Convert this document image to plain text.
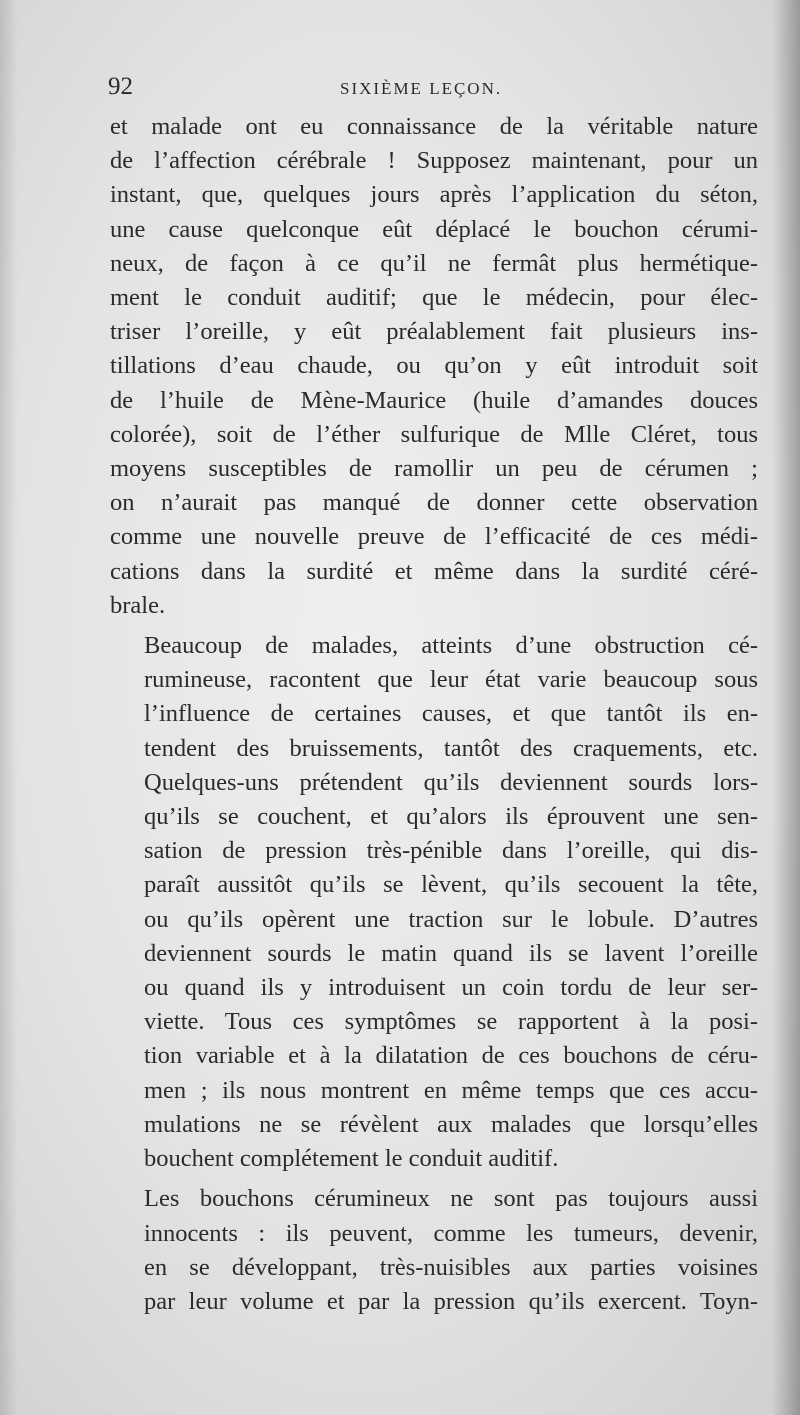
92	SIXIÈME LEÇON.

et malade ont eu connaissance de la véritable nature
de l’affection cérébrale ! Supposez maintenant, pour un
instant, que, quelques jours après l’application du séton,
une cause quelconque eût déplacé le bouchon cérumi-
neux, de façon à ce qu’il ne fermât plus hermétique-
ment le conduit auditif; que le médecin, pour élec-
triser l’oreille, y eût préalablement fait plusieurs ins-
tillations d’eau chaude, ou qu’on y eût introduit soit
de l’huile de Mène-Maurice (huile d’amandes douces
colorée), soit de l’éther sulfurique de Mlle Cléret, tous
moyens susceptibles de ramollir un peu de cérumen ;
on n’aurait pas manqué de donner cette observation
comme une nouvelle preuve de l’efficacité de ces médi-
cations dans la surdité et même dans la surdité céré-
brale.

Beaucoup de malades, atteints d’une obstruction cé-
rumineuse, racontent que leur état varie beaucoup sous
l’influence de certaines causes, et que tantôt ils en-
tendent des bruissements, tantôt des craquements, etc.
Quelques-uns prétendent qu’ils deviennent sourds lors-
qu’ils se couchent, et qu’alors ils éprouvent une sen-
sation de pression très-pénible dans l’oreille, qui dis-
paraît aussitôt qu’ils se lèvent, qu’ils secouent la tête,
ou qu’ils opèrent une traction sur le lobule. D’autres
deviennent sourds le matin quand ils se lavent l’oreille
ou quand ils y introduisent un coin tordu de leur ser-
viette. Tous ces symptômes se rapportent à la posi-
tion variable et à la dilatation de ces bouchons de céru-
men ; ils nous montrent en même temps que ces accu-
mulations ne se révèlent aux malades que lorsqu’elles
bouchent complétement le conduit auditif.

Les bouchons cérumineux ne sont pas toujours aussi
innocents : ils peuvent, comme les tumeurs, devenir,
en se développant, très-nuisibles aux parties voisines
par leur volume et par la pression qu’ils exercent. Toyn-
